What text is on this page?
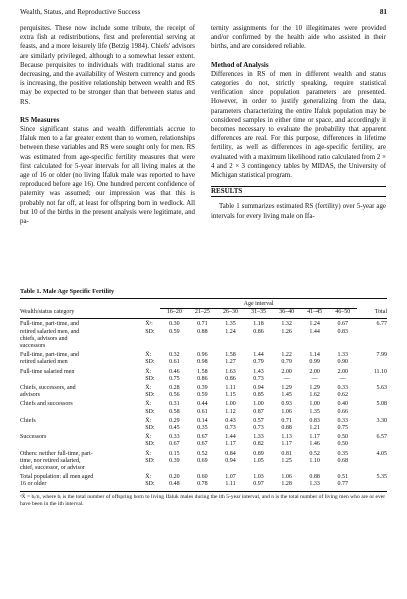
Wealth, Status, and Reproductive Success	81

perquisites. These now include some tribute, the receipt of extra fish at redistributions, first and preferential serving at feasts, and a more leisurely life (Betzig 1984). Chiefs' advisors are similarly privileged, although to a somewhat lesser extent. Because perquisites to individuals with traditional status are decreasing, and the availability of Western currency and goods is increasing, the positive relationship between wealth and RS may be expected to be stronger than that between status and RS.

RS Measures

Since significant status and wealth differentials accrue to Ifaluk men to a far greater extent than to women, relationships between these variables and RS were sought only for men. RS was estimated from age-specific fertility measures that were first calculated for 5-year intervals for all living males at the age of 16 or older (no living Ifaluk male was reported to have reproduced before age 16). One hundred percent confidence of paternity was assumed; our impression was that this is probably not far off, at least for offspring born in wedlock. All but 10 of the births in the present analysis were legitimate, and pa-

ternity assignments for the 10 illegitimates were provided and/or confirmed by the health aide who assisted in their births, and are considered reliable.

Method of Analysis

Differences in RS of men in different wealth and status categories do not, strictly speaking, require statistical verification since population parameters are presented. However, in order to justify generalizing from the data, parameters characterizing the entire Ifaluk population may be considered samples in either time or space, and accordingly it becomes necessary to evaluate the probability that apparent differences are real. For this purpose, differences in lifetime fertility, as well as differences in age-specific fertility, are evaluated with a maximum likelihood ratio calculated from 2 × 4 and 2 × 3 contingency tables by MIDAS, the University of Michigan statistical program.

RESULTS

Table 1 summarizes estimated RS (fertility) over 5-year age intervals for every living male on Ifa-

Table 1. Male Age Specific Fertility
		Age interval							
Wealth/status category		16–20	21–25	26–30	31–35	36–40	41–45	46–50	Total
Full-time, part-time, and	X̄ᵃ:	0.30	0.71	1.35	1.18	1.32	1.24	0.67	6.77
retired salaried men, and	SD:	0.59	0.88	1.24	0.86	1.26	1.44	0.83	
chiefs, advisors and									
successors									
Full-time, part-time, and	X̄:	0.32	0.96	1.58	1.44	1.22	1.14	1.33	7.99
retired salaried men	SD:	0.61	0.98	1.27	0.79	0.79	0.99	0.90	
Full-time salaried men	X̄:	0.46	1.58	1.63	1.43	2.00	2.00	2.00	11.10
	SD:	0.75	0.86	0.86	0.73	—	—	—	
Chiefs, successors, and	X̄:	0.28	0.39	1.11	0.94	1.29	1.29	0.33	5.63
advisors	SD:	0.56	0.59	1.15	0.85	1.45	1.62	0.62	
Chiefs and successors	X̄:	0.31	0.44	1.00	1.00	0.93	1.00	0.40	5.08
	SD:	0.58	0.61	1.12	0.87	1.06	1.35	0.66	
Chiefs	X̄:	0.29	0.14	0.43	0.57	0.71	0.83	0.33	3.30
	SD:	0.45	0.35	0.73	0.73	0.88	1.21	0.75	
Successors	X̄:	0.33	0.67	1.44	1.33	1.13	1.17	0.50	6.57
	SD:	0.67	0.67	1.17	0.82	1.17	1.46	0.50	
Others: neither full-time, part-	X̄:	0.15	0.52	0.84	0.89	0.81	0.52	0.35	4.05
time, nor retired salaried,	SD:	0.39	0.69	0.94	1.05	1.25	1.10	0.68	
chief, successor, or advisor									
Total population: all men aged	X̄:	0.20	0.60	1.07	1.03	1.06	0.88	0.51	5.35
16 or older	SD:	0.48	0.78	1.11	0.97	1.28	1.33	0.77	
ᵃX̄ = bᵢ/n, where bᵢ is the total number of offspring born to living Ifaluk males during the ith 5-year interval, and n is the total number of living men who are or ever have been in the ith interval.
